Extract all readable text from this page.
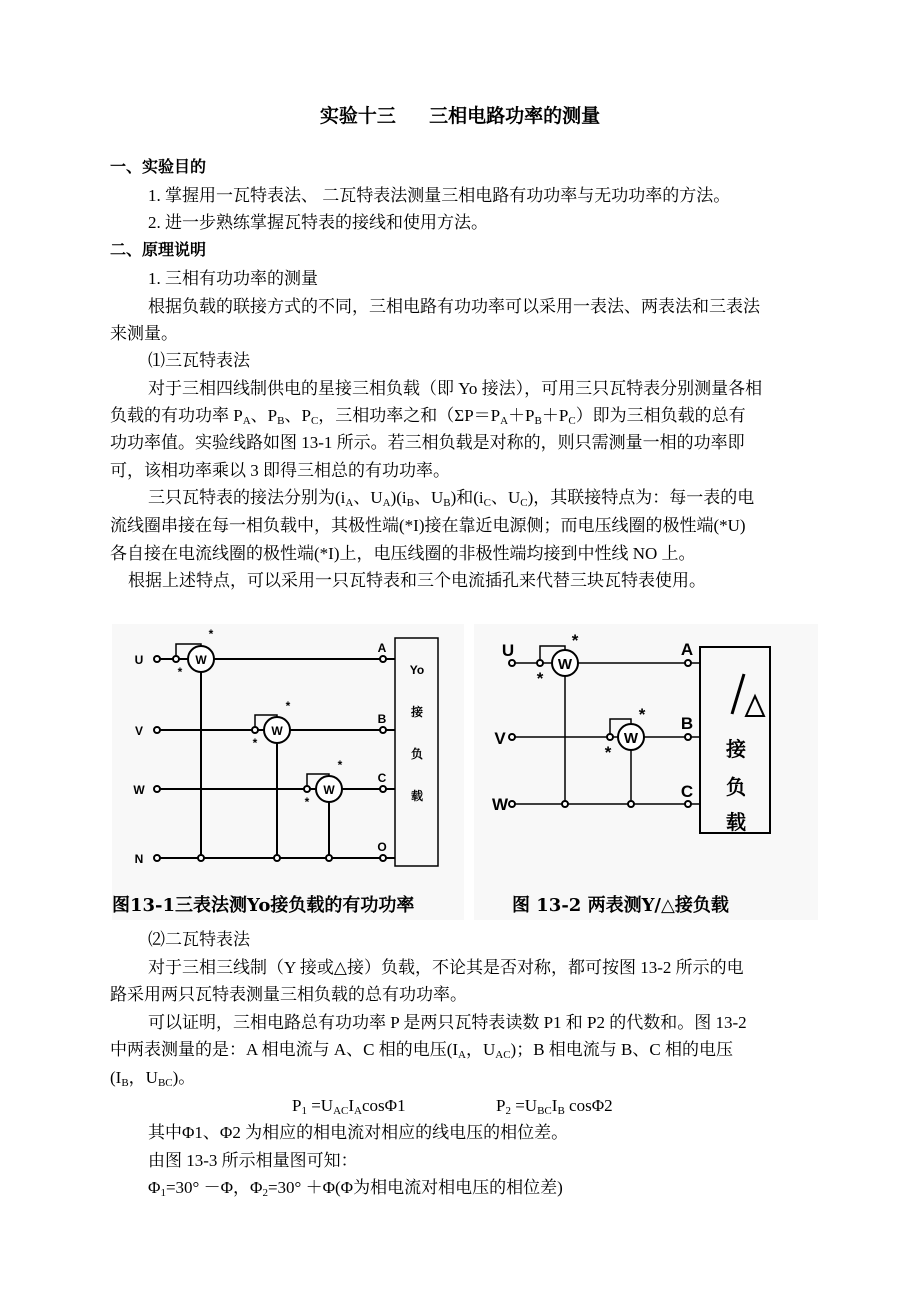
实验十三 三相电路功率的测量
一、实验目的
1. 掌握用一瓦特表法、 二瓦特表法测量三相电路有功功率与无功功率的方法。
2. 进一步熟练掌握瓦特表的接线和使用方法。
二、原理说明
1. 三相有功功率的测量
根据负载的联接方式的不同，三相电路有功功率可以采用一表法、两表法和三表法
来测量。
⑴三瓦特表法
对于三相四线制供电的星接三相负载（即 Yo 接法），可用三只瓦特表分别测量各相
负载的有功功率 $P_A$、$P_B$、$P_C$，三相功率之和$(\Sigma P=P_A+P_B+P_C)$即为三相负载的总有
功功率值。实验线路如图 13-1 所示。若三相负载是对称的，则只需测量一相的功率即
可，该相功率乘以 3 即得三相总的有功功率。
三只瓦特表的接法分别为($i_A$、$U_A)(i_B$、$U_B$)和($i_C$、$U_C$)，其联接特点为：每一表的电
流线圈串接在每一相负载中，其极性端(*I)接在靠近电源侧；而电压线圈的极性端(*U)
各自接在电流线圈的极性端(*I)上，电压线圈的非极性端均接到中性线 NO 上。
根据上述特点，可以采用一只瓦特表和三个电流插孔来代替三块瓦特表使用。
W
W
W
U
V
W
N
A
B
C
O
*
*
*
*
*
*
Yo
接
负
载
图13-1三表法测Yo接负载的有功功率
W
W
U
V
W
A
B
C
*
*
*
*	接
负
载
图 13-2 两表测Y/△接负载
⑵二瓦特表法
对于三相三线制（Y 接或△接）负载，不论其是否对称，都可按图 13-2 所示的电
路采用两只瓦特表测量三相负载的总有功功率。
可以证明，三相电路总有功功率 P 是两只瓦特表读数 P1 和 P2 的代数和。图 13-2
中两表测量的是：A 相电流与 A、C 相的电压($I_A$，$U_{AC}$)；B 相电流与 B、C 相的电压
($I_B$，$U_{BC}$)。
$P_1 =U_{AC}I_A\cos\Phi 1$	$P_2 =U_{BC}I_B$ cosΦ2
其中Φ1、Φ2 为相应的相电流对相应的线电压的相位差。
由图 13-3 所示相量图可知：
$\Phi_1=30^\circ -\Phi$，$\Phi_2=30^\circ +\Phi(\Phi$为相电流对相电压的相位差)
